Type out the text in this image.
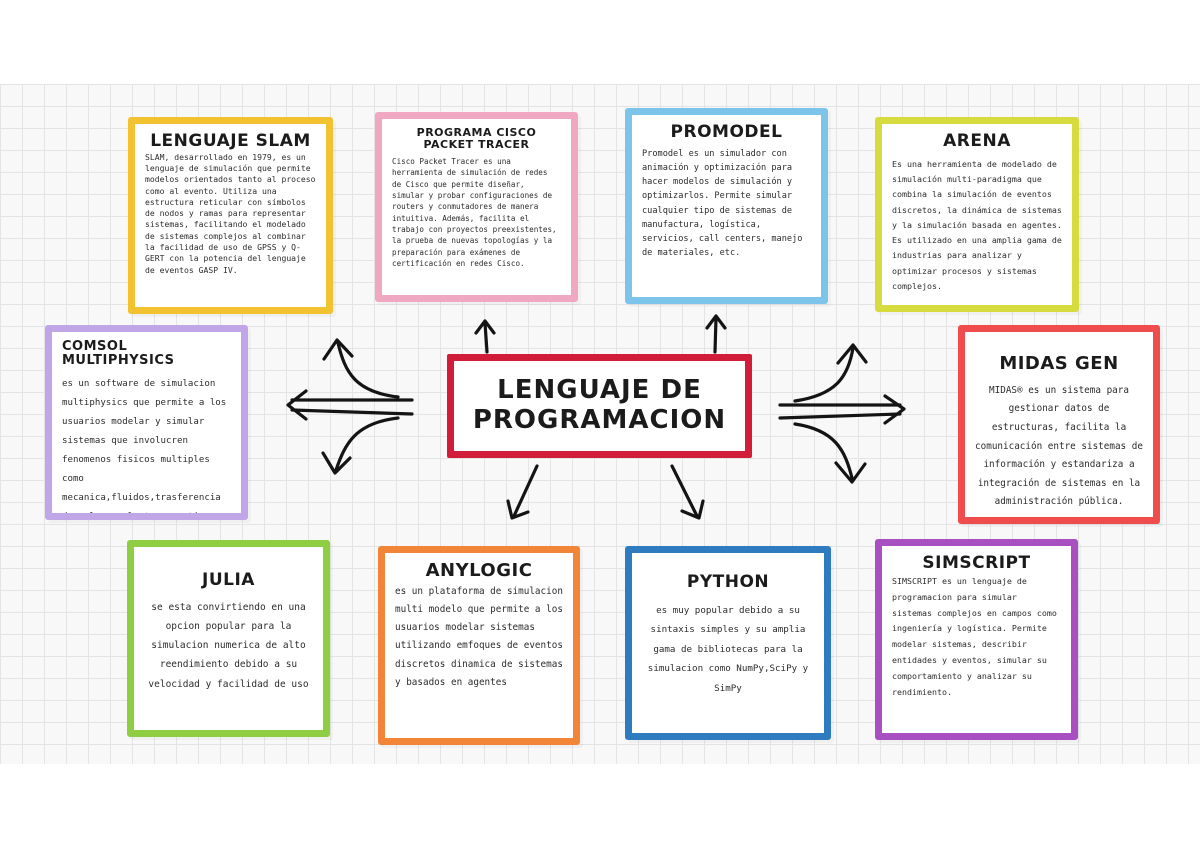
LENGUAJE SLAM

SLAM, desarrollado en 1979, es un lenguaje de simulación que permite modelos orientados tanto al proceso como al evento. Utiliza una estructura reticular con símbolos de nodos y ramas para representar sistemas, facilitando el modelado de sistemas complejos al combinar la facilidad de uso de GPSS y Q-GERT con la potencia del lenguaje de eventos GASP IV.

PROGRAMA CISCO PACKET TRACER

Cisco Packet Tracer es una herramienta de simulación de redes de Cisco que permite diseñar, simular y probar configuraciones de routers y conmutadores de manera intuitiva. Además, facilita el trabajo con proyectos preexistentes, la prueba de nuevas topologías y la preparación para exámenes de certificación en redes Cisco.

PROMODEL

Promodel es un simulador con animación y optimización para hacer modelos de simulación y optimizarlos. Permite simular cualquier tipo de sistemas de manufactura, logística, servicios, call centers, manejo de materiales, etc.

ARENA

Es una herramienta de modelado de simulación multi-paradigma que combina la simulación de eventos discretos, la dinámica de sistemas y la simulación basada en agentes. Es utilizado en una amplia gama de industrias para analizar y optimizar procesos y sistemas complejos.

COMSOL MULTIPHYSICS

es un software de simulacion multiphysics que permite a los usuarios modelar y simular sistemas que involucren fenomenos fisicos multiples como mecanica,fluidos,trasferencia de calor y electromagnetismo

LENGUAJE DE
PROGRAMACION
MIDAS GEN

MIDAS® es un sistema para gestionar datos de estructuras, facilita la comunicación entre sistemas de información y estandariza a integración de sistemas en la administración pública.

JULIA

se esta convirtiendo en una opcion popular para la simulacion numerica de alto reendimiento debido a su velocidad y facilidad de uso

ANYLOGIC

es un plataforma de simulacion multi modelo que permite a los usuarios modelar sistemas utilizando emfoques de eventos discretos dinamica de sistemas y basados en agentes

PYTHON

es muy popular debido a su sintaxis simples y su amplia gama de bibliotecas para la simulacion como NumPy,SciPy y SimPy

SIMSCRIPT

SIMSCRIPT es un lenguaje de programacion para simular sistemas complejos en campos como ingeniería y logística. Permite modelar sistemas, describir entidades y eventos, simular su comportamiento y analizar su rendimiento.
